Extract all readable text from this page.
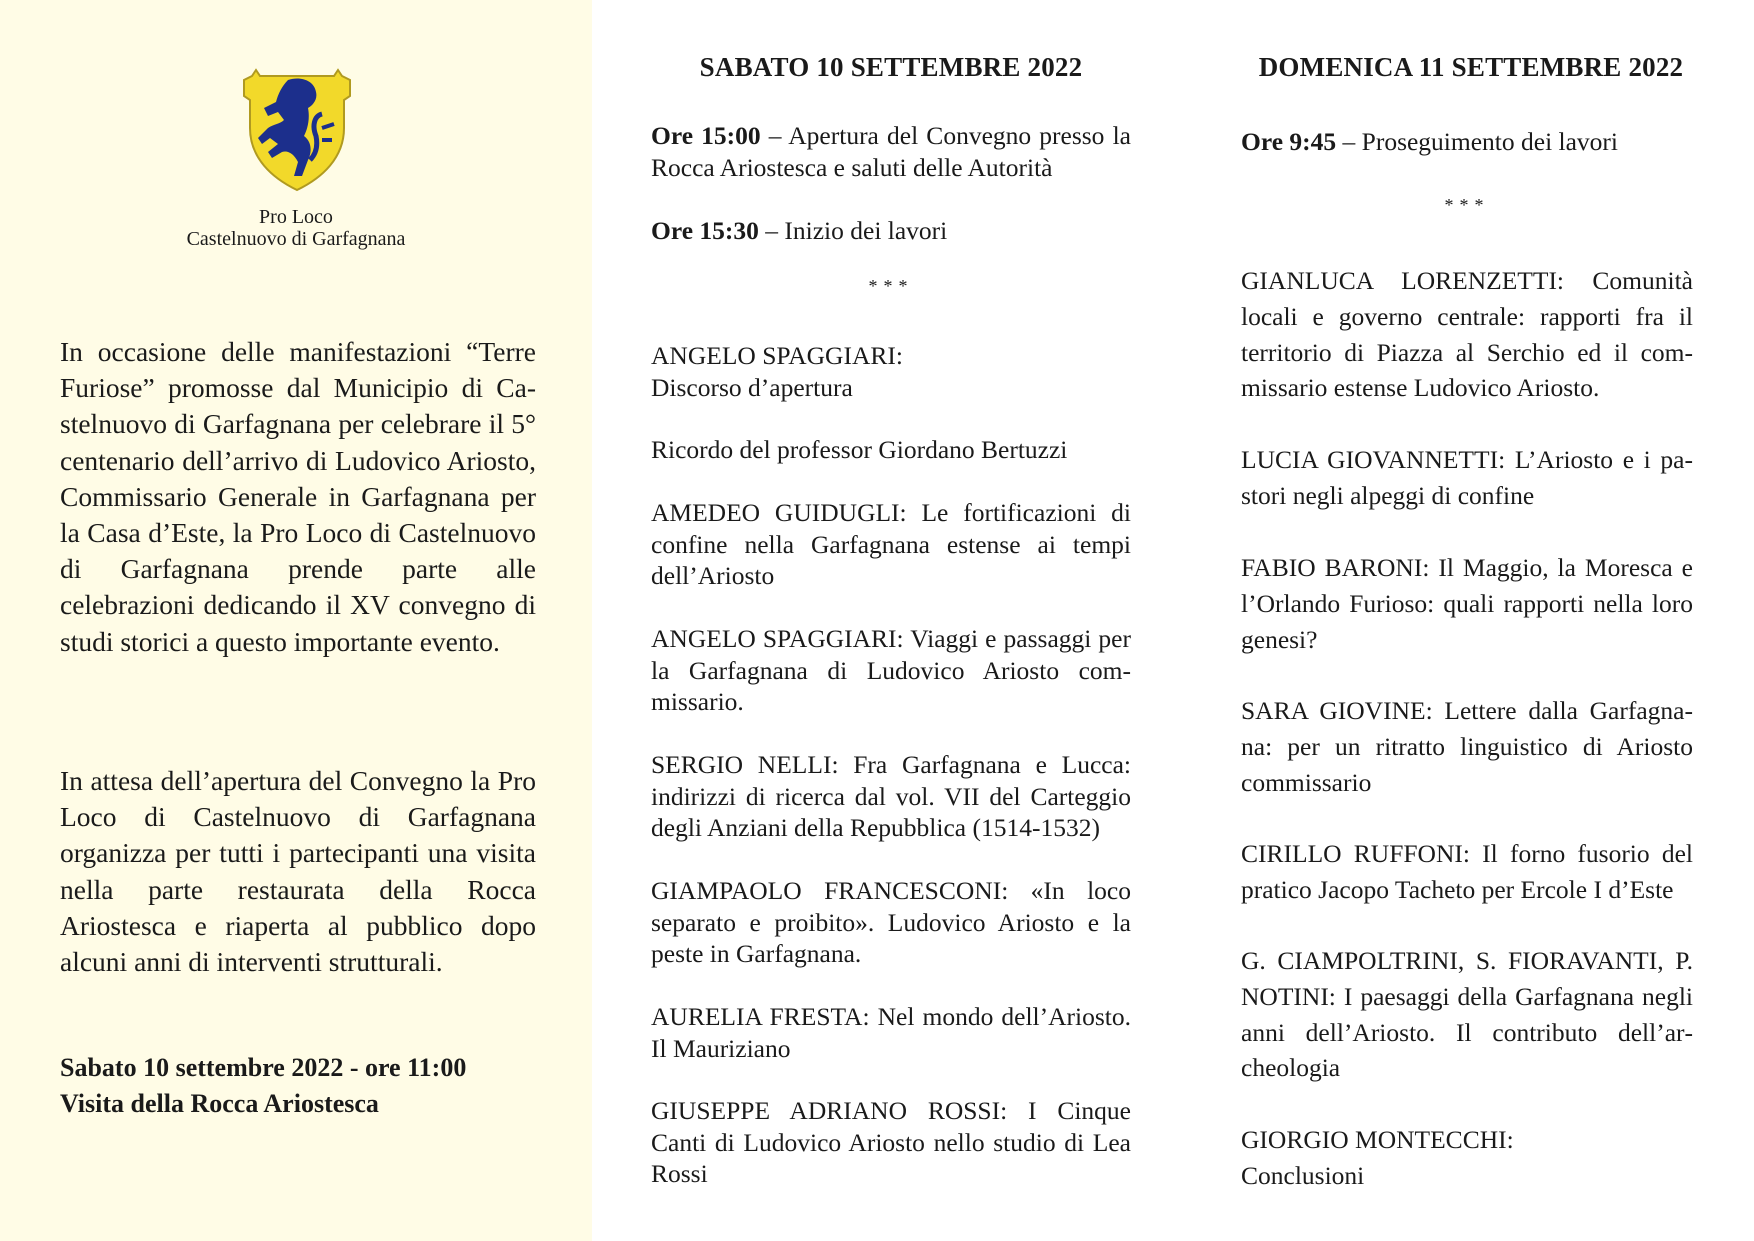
Pro Loco
Castelnuovo di Garfagnana

In occasione delle manifestazioni “Terre Furiose” promosse dal Municipio di Castelnuovo di Garfagnana per celebrare il 5° centenario dell’arrivo di Ludovico Ariosto, Commissario Generale in Garfagnana per la Casa d’Este, la Pro Loco di Castelnuovo di Garfagnana prende parte alle celebrazioni dedicando il XV convegno di studi storici a questo importante evento.

In attesa dell’apertura del Convegno la Pro Loco di Castelnuovo di Garfagnana organizza per tutti i partecipanti una visita nella parte restaurata della Rocca Ariostesca e riaperta al pubblico dopo alcuni anni di interventi strutturali.

Sabato 10 settembre 2022 - ore 11:00
Visita della Rocca Ariostesca
SABATO 10 SETTEMBRE 2022
Ore 15:00 – Apertura del Convegno presso la Rocca Ariostesca e saluti delle Autorità
Ore 15:30 – Inizio dei lavori
***
ANGELO SPAGGIARI:
Discorso d’apertura
Ricordo del professor Giordano Bertuzzi
AMEDEO GUIDUGLI: Le fortificazioni di confine nella Garfagnana estense ai tempi dell’Ariosto
ANGELO SPAGGIARI: Viaggi e passaggi per la Garfagnana di Ludovico Ariosto commissario.
SERGIO NELLI: Fra Garfagnana e Lucca: indirizzi di ricerca dal vol. VII del Carteggio degli Anziani della Repubblica (1514-1532)
GIAMPAOLO FRANCESCONI: «In loco separato e proibito». Ludovico Ariosto e la peste in Garfagnana.
AURELIA FRESTA: Nel mondo dell’Ariosto. Il Mauriziano
GIUSEPPE ADRIANO ROSSI: I Cinque Canti di Ludovico Ariosto nello studio di Lea Rossi
DOMENICA 11 SETTEMBRE 2022
Ore 9:45 – Proseguimento dei lavori
***
GIANLUCA LORENZETTI: Comunità locali e governo centrale: rapporti fra il territorio di Piazza al Serchio ed il commissario estense Ludovico Ariosto.
LUCIA GIOVANNETTI: L’Ariosto e i pastori negli alpeggi di confine
FABIO BARONI: Il Maggio, la Moresca e l’Orlando Furioso: quali rapporti nella loro genesi?
SARA GIOVINE: Lettere dalla Garfagnana: per un ritratto linguistico di Ariosto commissario
CIRILLO RUFFONI: Il forno fusorio del pratico Jacopo Tacheto per Ercole I d’Este
G. CIAMPOLTRINI, S. FIORAVANTI, P. NOTINI: I paesaggi della Garfagnana negli anni dell’Ariosto. Il contributo dell’archeologia
GIORGIO MONTECCHI:
Conclusioni
